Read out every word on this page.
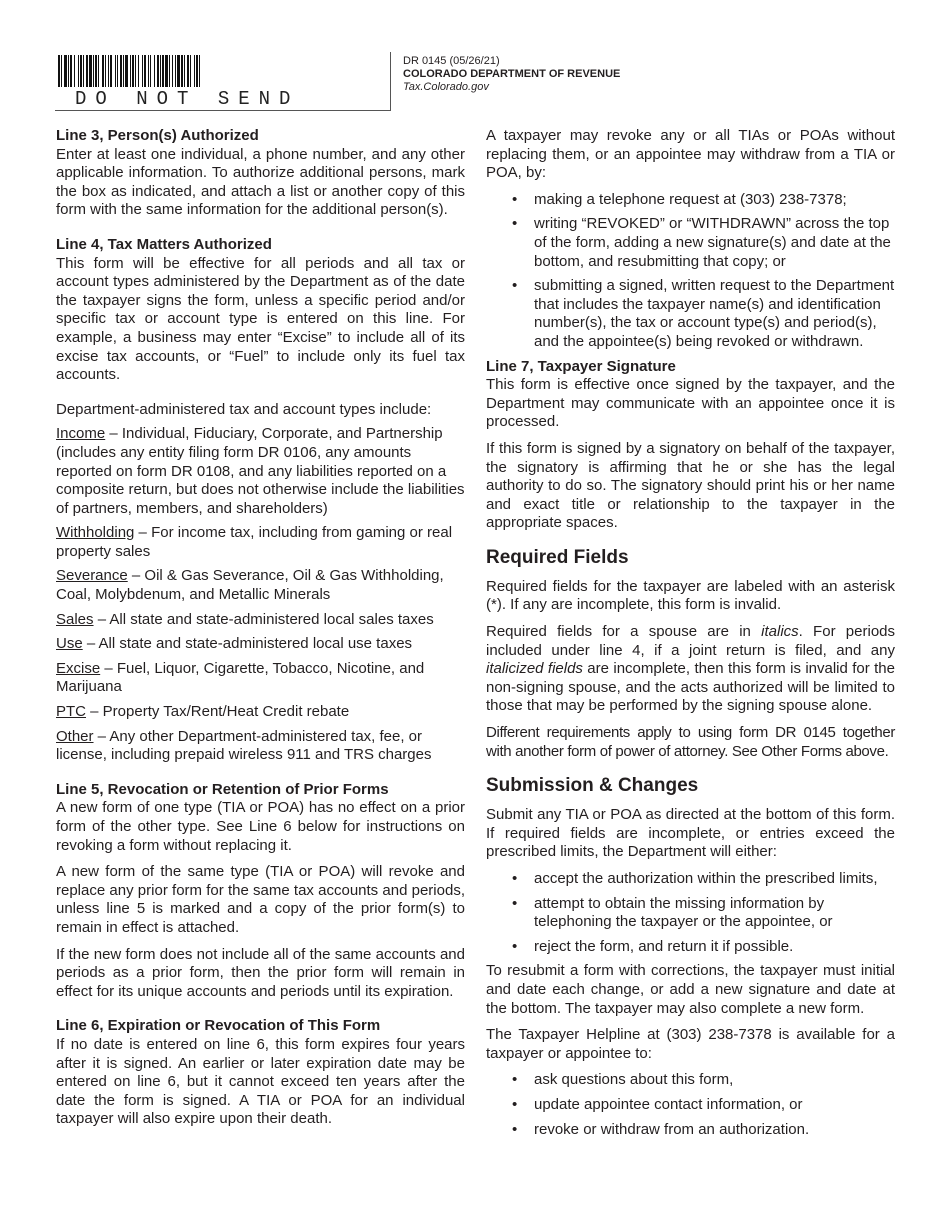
DO NOT SEND
DR 0145 (05/26/21)
COLORADO DEPARTMENT OF REVENUE
Tax.Colorado.gov

Line 3, Person(s) Authorized

Enter at least one individual, a phone number, and any other applicable information. To authorize additional persons, mark the box as indicated, and attach a list or another copy of this form with the same information for the additional person(s).

Line 4, Tax Matters Authorized

This form will be effective for all periods and all tax or account types administered by the Department as of the date the taxpayer signs the form, unless a specific period and/or specific tax or account type is entered on this line. For example, a business may enter “Excise” to include all of its excise tax accounts, or “Fuel” to include only its fuel tax accounts.

Department-administered tax and account types include:

Income – Individual, Fiduciary, Corporate, and Partnership (includes any entity filing form DR 0106, any amounts reported on form DR 0108, and any liabilities reported on a composite return, but does not otherwise include the liabilities of partners, members, and shareholders)

Withholding – For income tax, including from gaming or real property sales

Severance – Oil & Gas Severance, Oil & Gas Withholding, Coal, Molybdenum, and Metallic Minerals

Sales – All state and state-administered local sales taxes

Use – All state and state-administered local use taxes

Excise – Fuel, Liquor, Cigarette, Tobacco, Nicotine, and Marijuana

PTC – Property Tax/Rent/Heat Credit rebate

Other – Any other Department-administered tax, fee, or license, including prepaid wireless 911 and TRS charges

Line 5, Revocation or Retention of Prior Forms

A new form of one type (TIA or POA) has no effect on a prior form of the other type. See Line 6 below for instructions on revoking a form without replacing it.

A new form of the same type (TIA or POA) will revoke and replace any prior form for the same tax accounts and periods, unless line 5 is marked and a copy of the prior form(s) to remain in effect is attached.

If the new form does not include all of the same accounts and periods as a prior form, then the prior form will remain in effect for its unique accounts and periods until its expiration.

Line 6, Expiration or Revocation of This Form

If no date is entered on line 6, this form expires four years after it is signed. An earlier or later expiration date may be entered on line 6, but it cannot exceed ten years after the date the form is signed. A TIA or POA for an individual taxpayer will also expire upon their death.

A taxpayer may revoke any or all TIAs or POAs without replacing them, or an appointee may withdraw from a TIA or POA, by:

• making a telephone request at (303) 238-7378;
• writing “REVOKED” or “WITHDRAWN” across the top of the form, adding a new signature(s) and date at the bottom, and resubmitting that copy; or
• submitting a signed, written request to the Department that includes the taxpayer name(s) and identification number(s), the tax or account type(s) and period(s), and the appointee(s) being revoked or withdrawn.

Line 7, Taxpayer Signature

This form is effective once signed by the taxpayer, and the Department may communicate with an appointee once it is processed.

If this form is signed by a signatory on behalf of the taxpayer, the signatory is affirming that he or she has the legal authority to do so. The signatory should print his or her name and exact title or relationship to the taxpayer in the appropriate spaces.

Required Fields

Required fields for the taxpayer are labeled with an asterisk (*). If any are incomplete, this form is invalid.

Required fields for a spouse are in italics. For periods included under line 4, if a joint return is filed, and any italicized fields are incomplete, then this form is invalid for the non-signing spouse, and the acts authorized will be limited to those that may be performed by the signing spouse alone.

Different requirements apply to using form DR 0145 together with another form of power of attorney. See Other Forms above.

Submission & Changes

Submit any TIA or POA as directed at the bottom of this form. If required fields are incomplete, or entries exceed the prescribed limits, the Department will either:

• accept the authorization within the prescribed limits,
• attempt to obtain the missing information by telephoning the taxpayer or the appointee, or
• reject the form, and return it if possible.

To resubmit a form with corrections, the taxpayer must initial and date each change, or add a new signature and date at the bottom. The taxpayer may also complete a new form.

The Taxpayer Helpline at (303) 238-7378 is available for a taxpayer or appointee to:

• ask questions about this form,
• update appointee contact information, or
• revoke or withdraw from an authorization.
